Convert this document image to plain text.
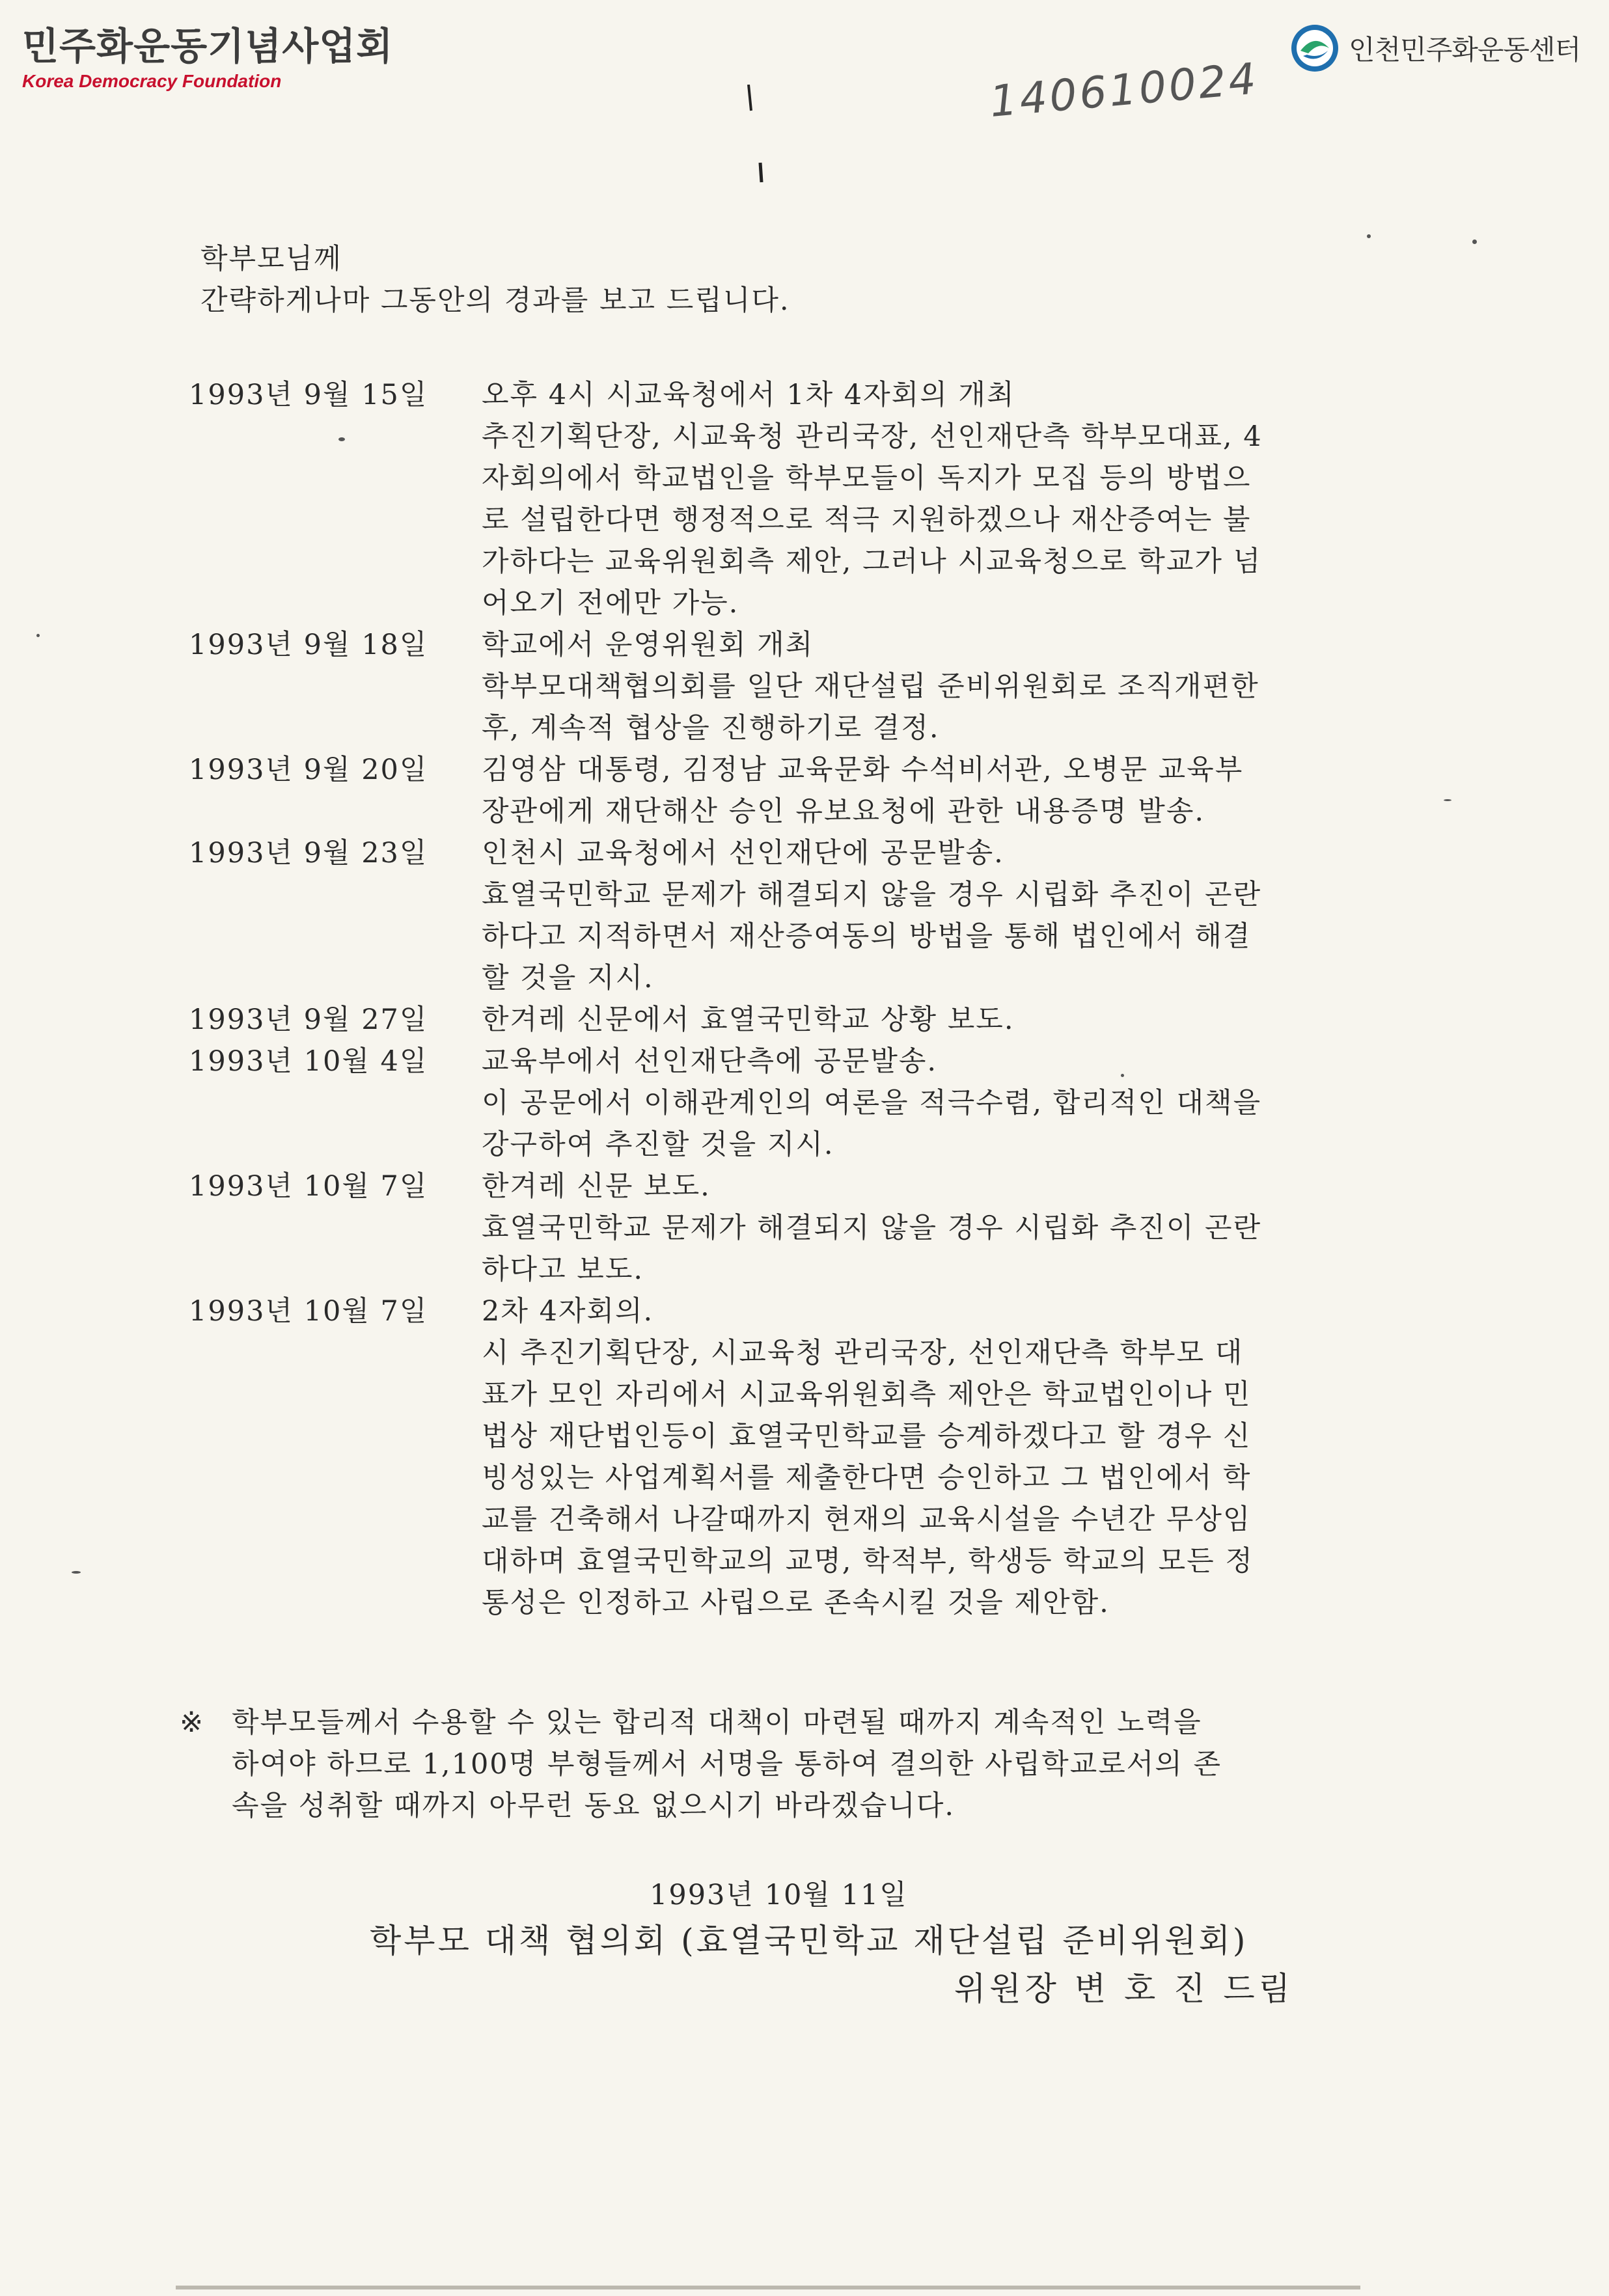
민주화운동기념사업회
Korea Democracy Foundation
인천민주화운동센터
140610024
학부모님께
간략하게나마 그동안의 경과를 보고 드립니다.
1993년 9월 15일	오후 4시 시교육청에서 1차 4자회의 개최
추진기획단장, 시교육청 관리국장, 선인재단측 학부모대표, 4
자회의에서 학교법인을 학부모들이 독지가 모집 등의 방법으
로 설립한다면 행정적으로 적극 지원하겠으나 재산증여는 불
가하다는 교육위원회측 제안, 그러나 시교육청으로 학교가 넘
어오기 전에만 가능.
1993년 9월 18일	학교에서 운영위원회 개최
학부모대책협의회를 일단 재단설립 준비위원회로 조직개편한
후, 계속적 협상을 진행하기로 결정.
1993년 9월 20일	김영삼 대통령, 김정남 교육문화 수석비서관, 오병문 교육부
장관에게 재단해산 승인 유보요청에 관한 내용증명 발송.
1993년 9월 23일	인천시 교육청에서 선인재단에 공문발송.
효열국민학교 문제가 해결되지 않을 경우 시립화 추진이 곤란
하다고 지적하면서 재산증여동의 방법을 통해 법인에서 해결
할 것을 지시.
1993년 9월 27일	한겨레 신문에서 효열국민학교 상황 보도.
1993년 10월 4일	교육부에서 선인재단측에 공문발송.
이 공문에서 이해관계인의 여론을 적극수렴, 합리적인 대책을
강구하여 추진할 것을 지시.
1993년 10월 7일	한겨레 신문 보도.
효열국민학교 문제가 해결되지 않을 경우 시립화 추진이 곤란
하다고 보도.
1993년 10월 7일	2차 4자회의.
시 추진기획단장, 시교육청 관리국장, 선인재단측 학부모 대
표가 모인 자리에서 시교육위원회측 제안은 학교법인이나 민
법상 재단법인등이 효열국민학교를 승계하겠다고 할 경우 신
빙성있는 사업계획서를 제출한다면 승인하고 그 법인에서 학
교를 건축해서 나갈때까지 현재의 교육시설을 수년간 무상임
대하며 효열국민학교의 교명, 학적부, 학생등 학교의 모든 정
통성은 인정하고 사립으로 존속시킬 것을 제안함.
※ 학부모들께서 수용할 수 있는 합리적 대책이 마련될 때까지 계속적인 노력을
하여야 하므로 1,100명 부형들께서 서명을 통하여 결의한 사립학교로서의 존
속을 성취할 때까지 아무런 동요 없으시기 바라겠습니다.
1993년 10월 11일
학부모 대책 협의회 (효열국민학교 재단설립 준비위원회)
위원장 변 호 진 드림
